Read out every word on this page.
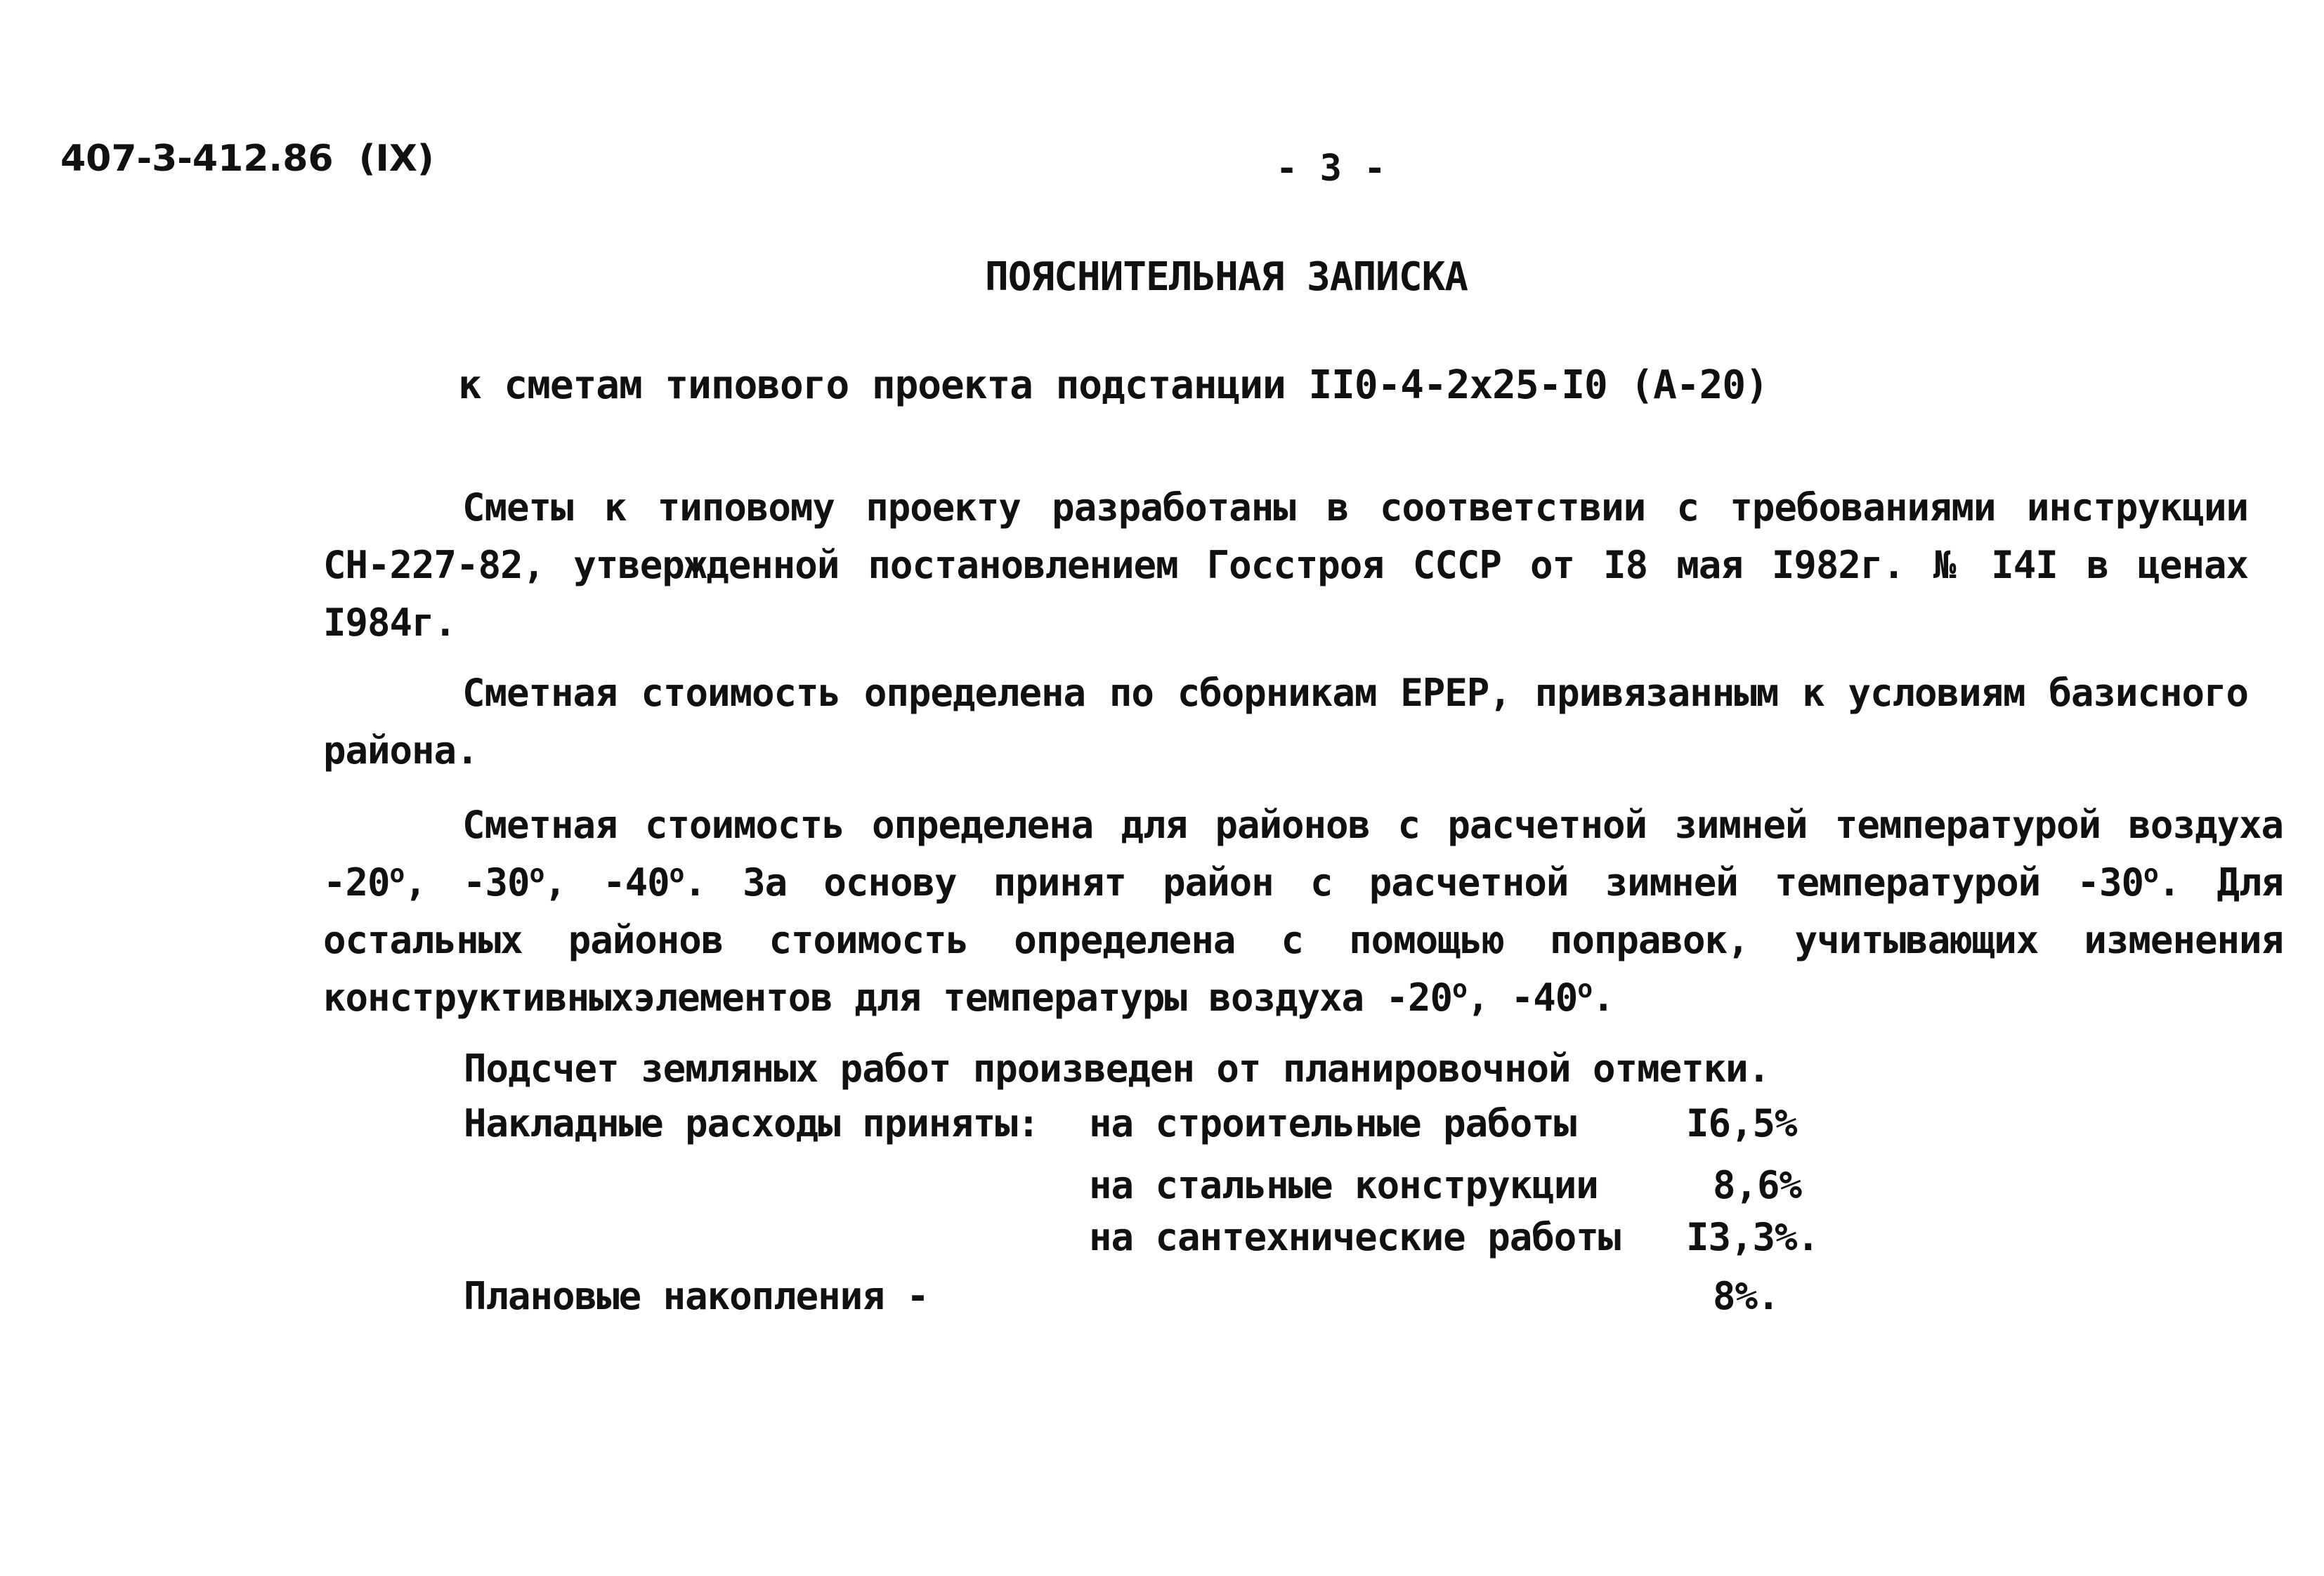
407-3-412.86  (IX)	- 3 -
ПОЯСНИТЕЛЬНАЯ ЗАПИСКА
к сметам типового проекта подстанции II0-4-2х25-I0 (А-20)
Сметы к типовому проекту разработаны в соответствии с требованиями инструкции СН-227-82, утвержденной постановлением Госстроя СССР от I8 мая I982г. № I4I в ценах I984г.
Сметная стоимость определена по сборникам ЕРЕР, привязанным к условиям базисного района.
Сметная стоимость определена для районов с расчетной зимней температурой воздуха $-20^о$, $-30^о$, $-40^о$. За основу принят район с расчетной зимней температурой $-30^о$. Для остальных районов стоимость определена с помощью поправок, учитывающих изменения конструктивныхэлементов для температуры воздуха $-20^о$, $-40^о$.
Подсчет земляных работ произведен от планировочной отметки.
Накладные расходы приняты: на строительные работы	I6,5%
на стальные конструкции	8,6%
на сантехнические работы I3,3%.
Плановые накопления -	8%.
